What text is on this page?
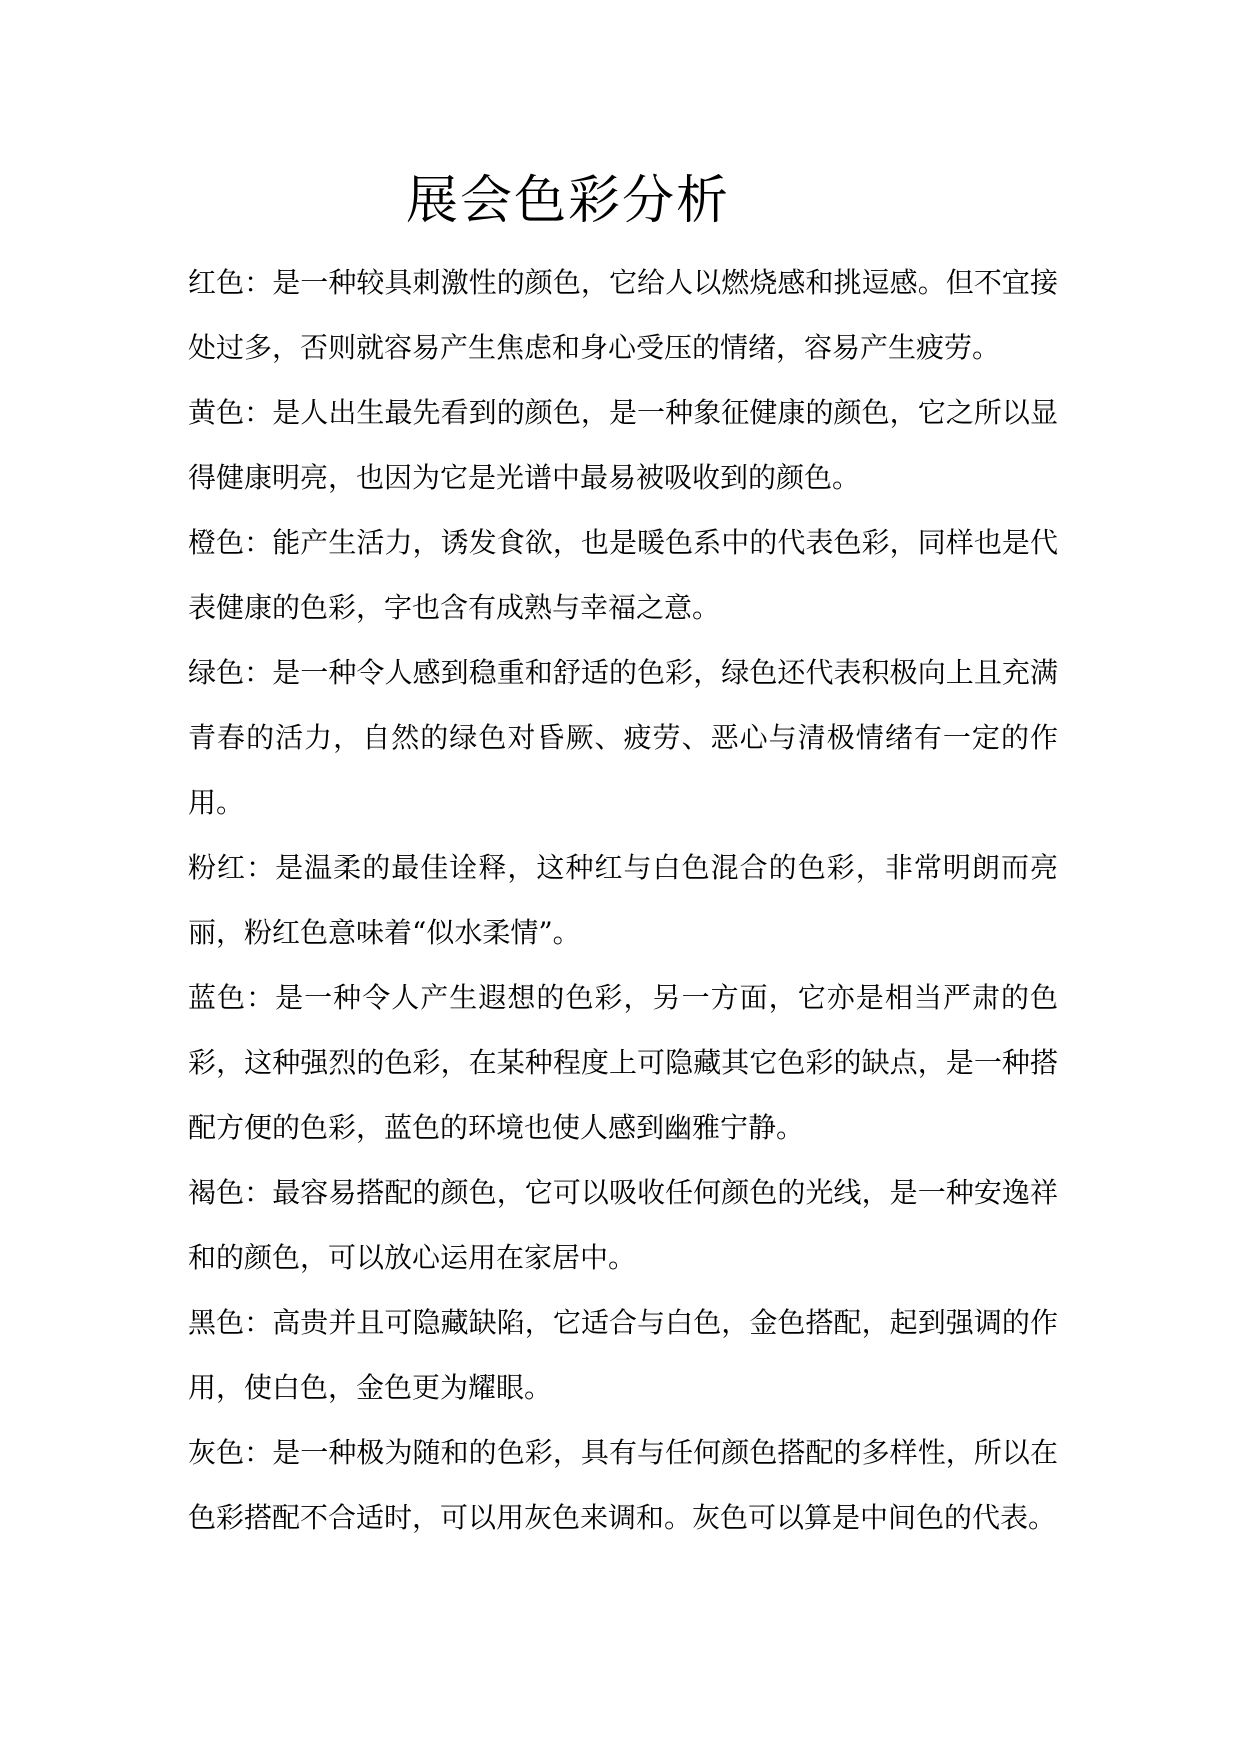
展会色彩分析

红色：是一种较具刺激性的颜色，它给人以燃烧感和挑逗感。但不宜接处过多，否则就容易产生焦虑和身心受压的情绪，容易产生疲劳。

黄色：是人出生最先看到的颜色，是一种象征健康的颜色，它之所以显得健康明亮，也因为它是光谱中最易被吸收到的颜色。

橙色：能产生活力，诱发食欲，也是暖色系中的代表色彩，同样也是代表健康的色彩，字也含有成熟与幸福之意。

绿色：是一种令人感到稳重和舒适的色彩，绿色还代表积极向上且充满青春的活力，自然的绿色对昏厥、疲劳、恶心与清极情绪有一定的作用。

粉红：是温柔的最佳诠释，这种红与白色混合的色彩，非常明朗而亮丽，粉红色意味着“似水柔情”。

蓝色：是一种令人产生遐想的色彩，另一方面，它亦是相当严肃的色彩，这种强烈的色彩，在某种程度上可隐藏其它色彩的缺点，是一种搭配方便的色彩，蓝色的环境也使人感到幽雅宁静。

褐色：最容易搭配的颜色，它可以吸收任何颜色的光线，是一种安逸祥和的颜色，可以放心运用在家居中。

黑色：高贵并且可隐藏缺陷，它适合与白色，金色搭配，起到强调的作用，使白色，金色更为耀眼。

灰色：是一种极为随和的色彩，具有与任何颜色搭配的多样性，所以在色彩搭配不合适时，可以用灰色来调和。灰色可以算是中间色的代表。
